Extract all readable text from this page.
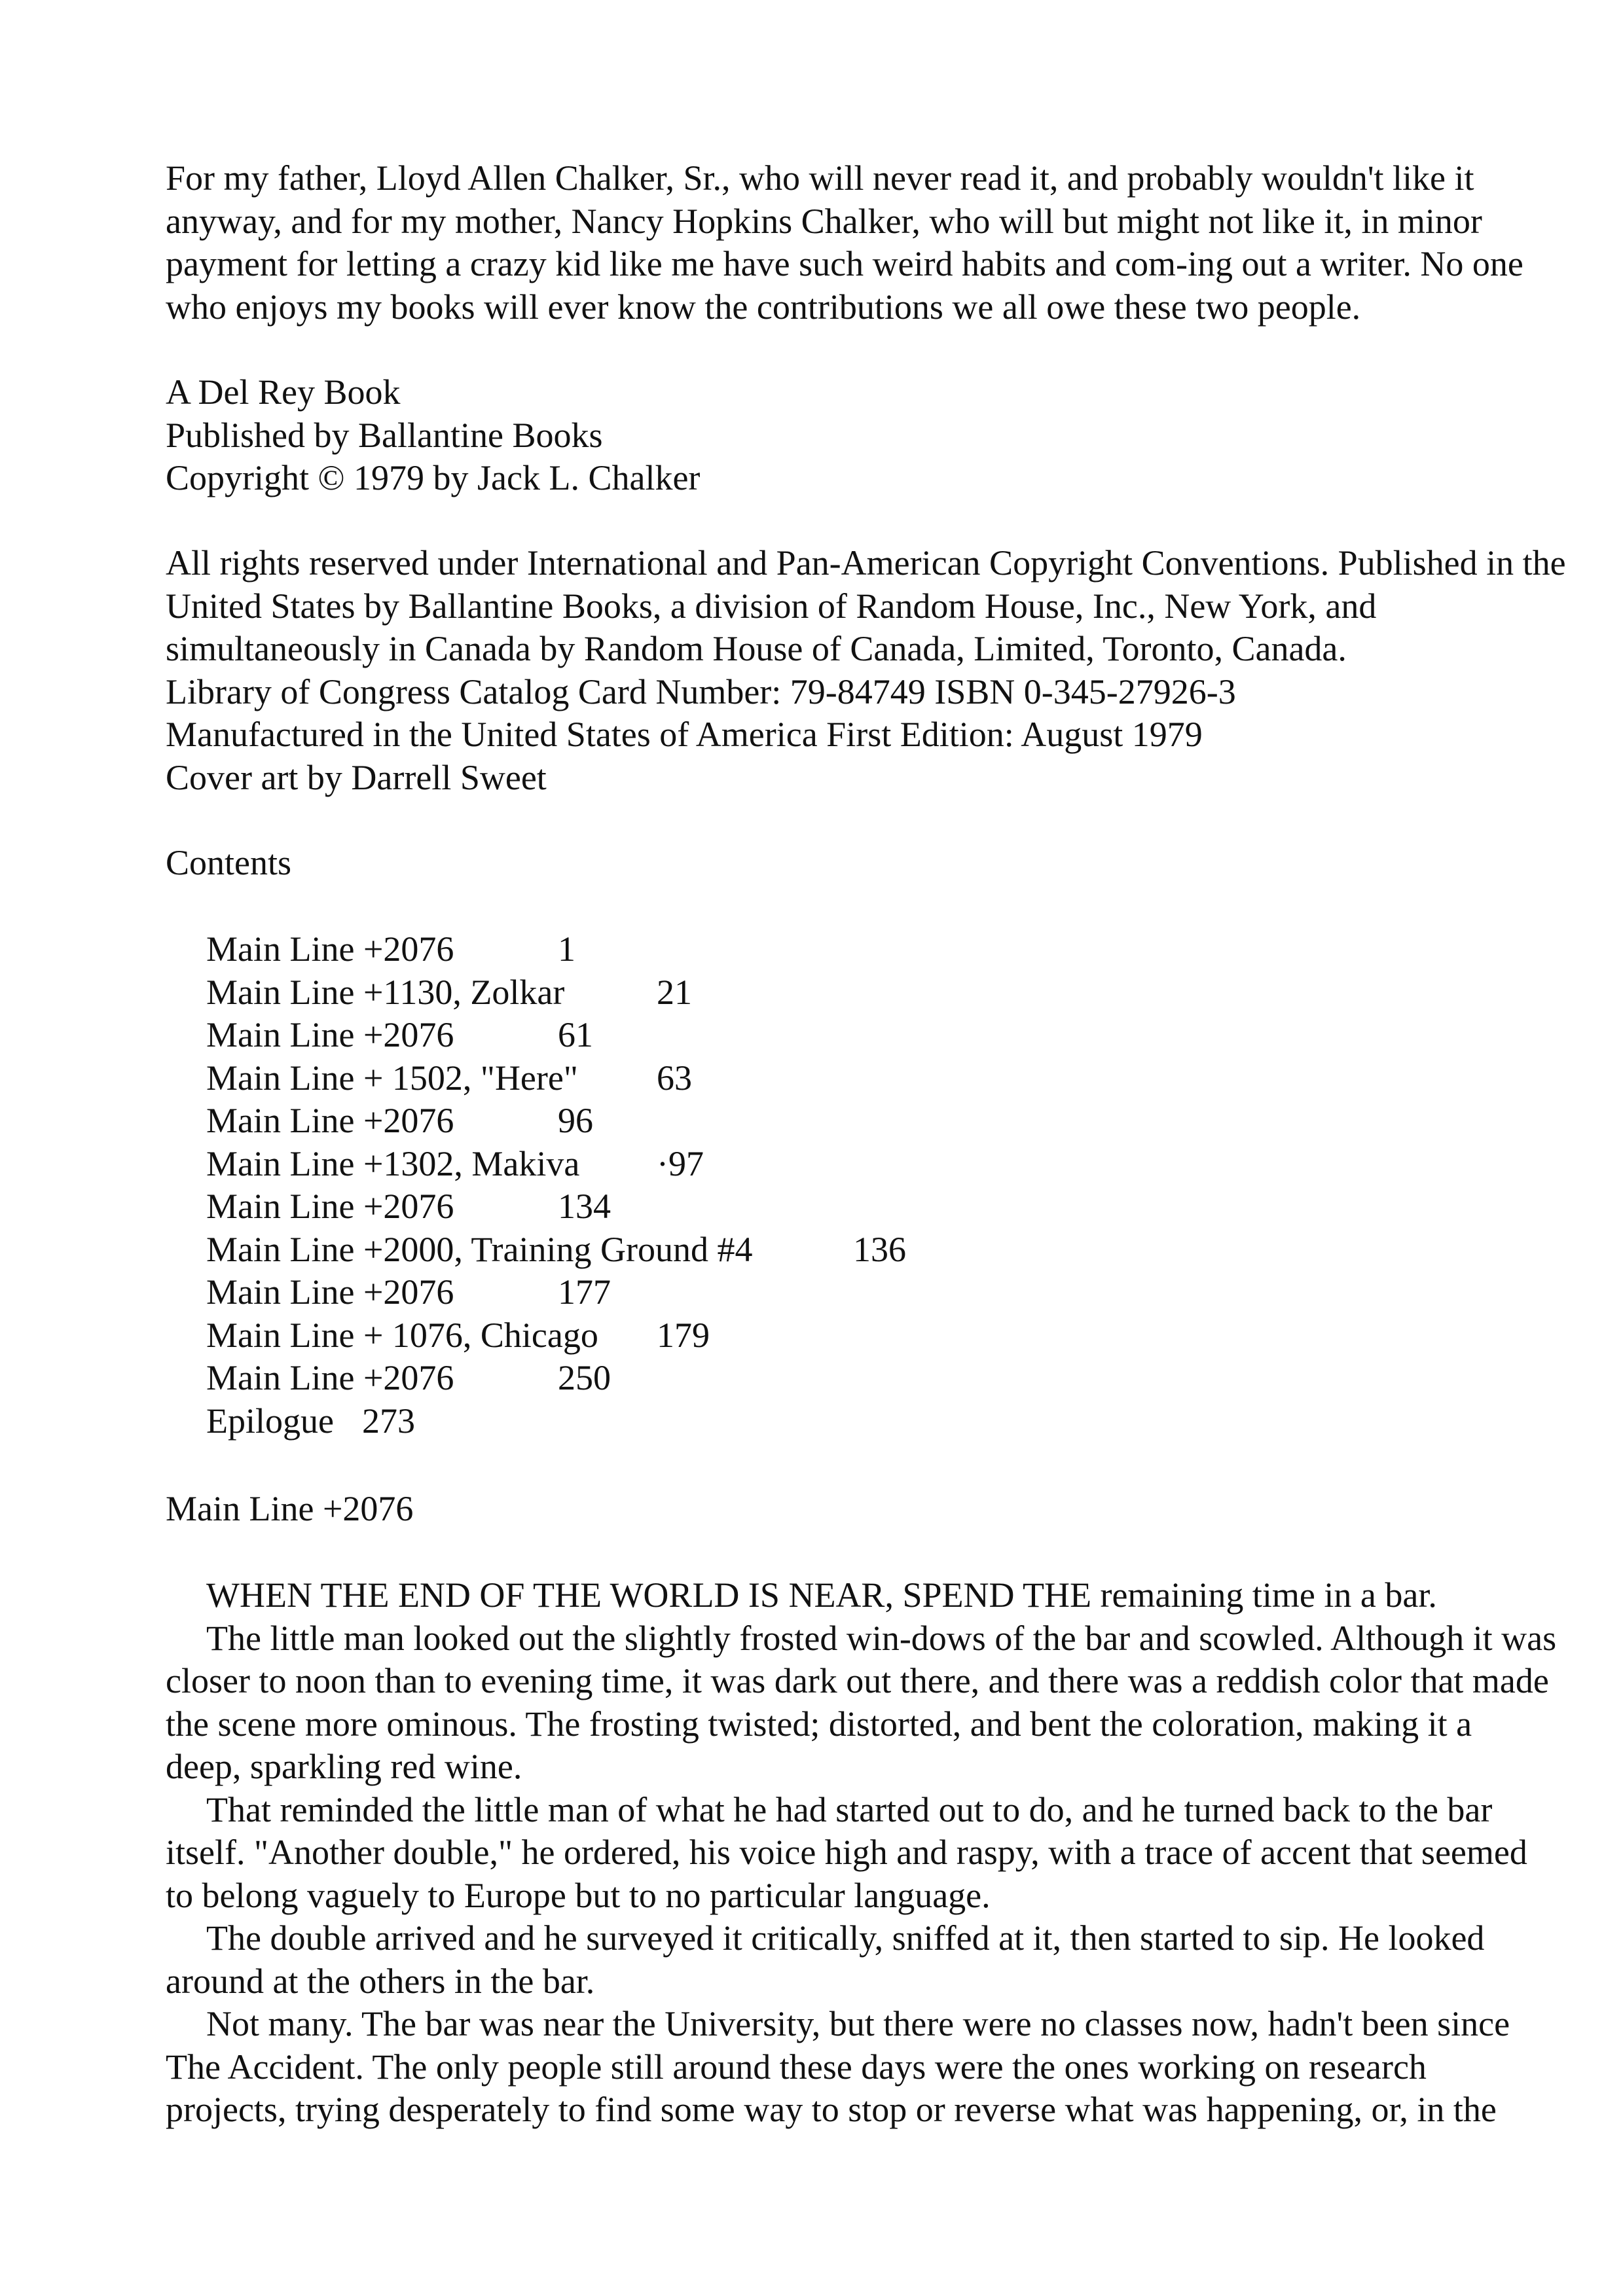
For my father, Lloyd Allen Chalker, Sr., who will never read it, and probably wouldn't like it
anyway, and for my mother, Nancy Hopkins Chalker, who will but might not like it, in minor
payment for letting a crazy kid like me have such weird habits and com-ing out a writer. No one
who enjoys my books will ever know the contributions we all owe these two people.
A Del Rey Book
Published by Ballantine Books
Copyright © 1979 by Jack L. Chalker
All rights reserved under International and Pan-American Copyright Conventions. Published in the
United States by Ballantine Books, a division of Random House, Inc., New York, and
simultaneously in Canada by Random House of Canada, Limited, Toronto, Canada.
Library of Congress Catalog Card Number: 79-84749 ISBN 0-345-27926-3
Manufactured in the United States of America First Edition: August 1979
Cover art by Darrell Sweet
Contents
Main Line +2076	1
Main Line +1130, Zolkar	21
Main Line +2076	61
Main Line + 1502, "Here" 63
Main Line +2076	96
Main Line +1302, Makiva ·97
Main Line +2076	134
Main Line +2000, Training Ground #4	136
Main Line +2076	177
Main Line + 1076, Chicago 179
Main Line +2076	250
Epilogue 273
Main Line +2076
WHEN THE END OF THE WORLD IS NEAR, SPEND THE remaining time in a bar.
The little man looked out the slightly frosted win-dows of the bar and scowled. Although it was
closer to noon than to evening time, it was dark out there, and there was a reddish color that made
the scene more ominous. The frosting twisted; distorted, and bent the coloration, making it a
deep, sparkling red wine.
That reminded the little man of what he had started out to do, and he turned back to the bar
itself. "Another double," he ordered, his voice high and raspy, with a trace of accent that seemed
to belong vaguely to Europe but to no particular language.
The double arrived and he surveyed it critically, sniffed at it, then started to sip. He looked
around at the others in the bar.
Not many. The bar was near the University, but there were no classes now, hadn't been since
The Accident. The only people still around these days were the ones working on research
projects, trying desperately to find some way to stop or reverse what was happening, or, in the
